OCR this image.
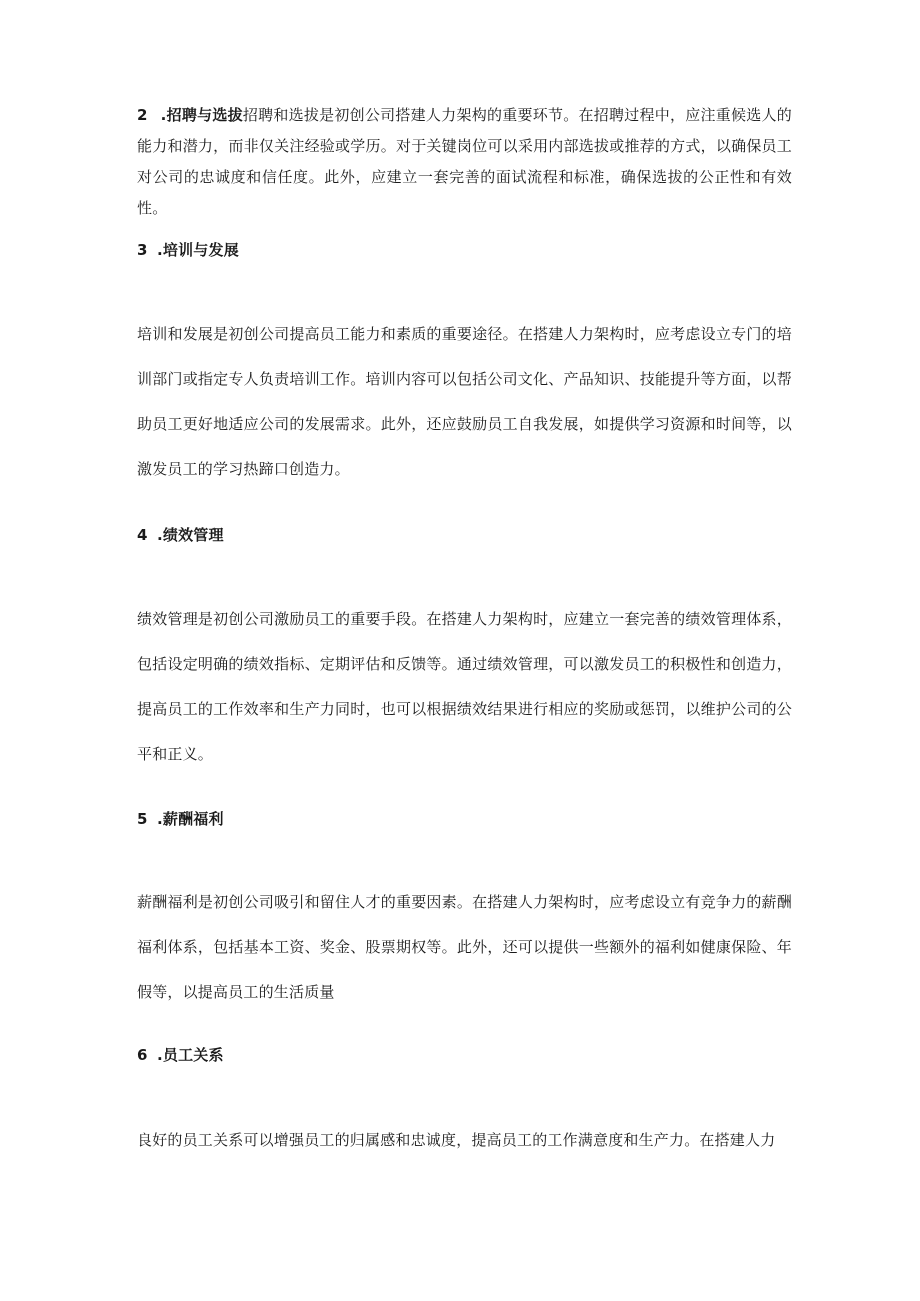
2 .招聘与选拔招聘和选拔是初创公司搭建人力架构的重要环节。在招聘过程中，应注重候选人的能力和潜力，而非仅关注经验或学历。对于关键岗位可以采用内部选拔或推荐的方式，以确保员工对公司的忠诚度和信任度。此外，应建立一套完善的面试流程和标准，确保选拔的公正性和有效性。

3 .培训与发展

培训和发展是初创公司提高员工能力和素质的重要途径。在搭建人力架构时，应考虑设立专门的培训部门或指定专人负责培训工作。培训内容可以包括公司文化、产品知识、技能提升等方面，以帮助员工更好地适应公司的发展需求。此外，还应鼓励员工自我发展，如提供学习资源和时间等，以激发员工的学习热蹄口创造力。

4 .绩效管理

绩效管理是初创公司激励员工的重要手段。在搭建人力架构时，应建立一套完善的绩效管理体系，包括设定明确的绩效指标、定期评估和反馈等。通过绩效管理，可以激发员工的积极性和创造力，提高员工的工作效率和生产力同时，也可以根据绩效结果进行相应的奖励或惩罚，以维护公司的公平和正义。

5 .薪酬福利

薪酬福利是初创公司吸引和留住人才的重要因素。在搭建人力架构时，应考虑设立有竞争力的薪酬福利体系，包括基本工资、奖金、股票期权等。此外，还可以提供一些额外的福利如健康保险、年假等，以提高员工的生活质量

6 .员工关系

良好的员工关系可以增强员工的归属感和忠诚度，提高员工的工作满意度和生产力。在搭建人力
